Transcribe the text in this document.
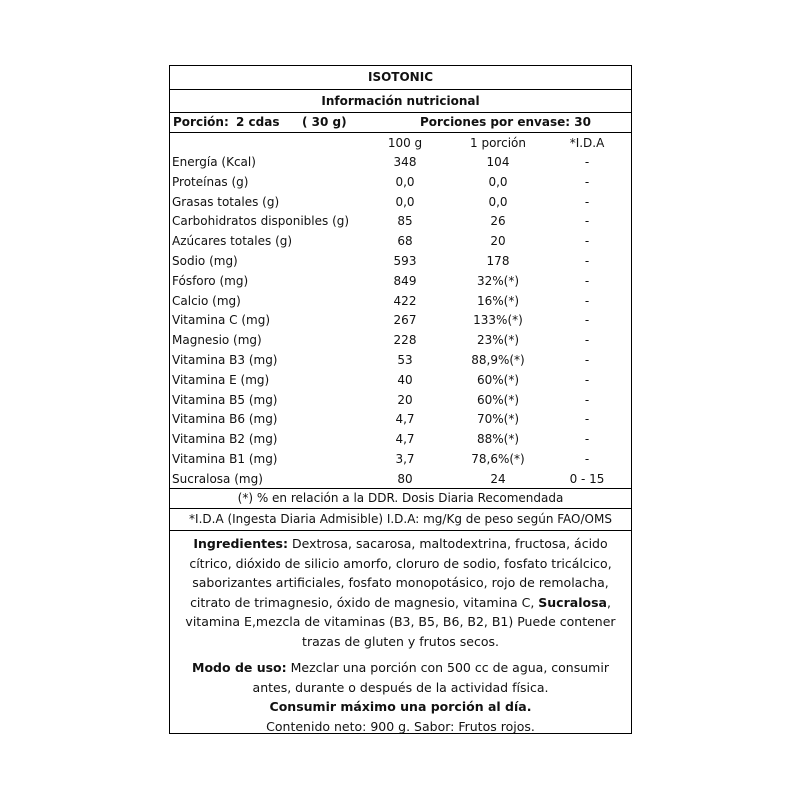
ISOTONIC
Información nutricional
Porción: 2 cdas ( 30 g)	Porciones por envase: 30
100 g	1 porción	*I.D.A
Energía (Kcal)	348	104	-
Proteínas (g)	0,0	0,0	-
Grasas totales (g)	0,0	0,0	-
Carbohidratos disponibles (g)	85	26	-
Azúcares totales (g)	68	20	-
Sodio (mg)	593	178	-
Fósforo (mg)	849	32%(*)	-
Calcio (mg)	422	16%(*)	-
Vitamina C (mg)	267	133%(*)	-
Magnesio (mg)	228	23%(*)	-
Vitamina B3 (mg)	53	88,9%(*)	-
Vitamina E (mg)	40	60%(*)	-
Vitamina B5 (mg)	20	60%(*)	-
Vitamina B6 (mg)	4,7	70%(*)	-
Vitamina B2 (mg)	4,7	88%(*)	-
Vitamina B1 (mg)	3,7	78,6%(*)	-
Sucralosa (mg)	80	24	0 - 15
(*) % en relación a la DDR. Dosis Diaria Recomendada
*I.D.A (Ingesta Diaria Admisible) I.D.A: mg/Kg de peso según FAO/OMS
Ingredientes: Dextrosa, sacarosa, maltodextrina, fructosa, ácido cítrico, dióxido de silicio amorfo, cloruro de sodio, fosfato tricálcico, saborizantes artificiales, fosfato monopotásico, rojo de remolacha, citrato de trimagnesio, óxido de magnesio, vitamina C, Sucralosa, vitamina E,mezcla de vitaminas (B3, B5, B6, B2, B1) Puede contener trazas de gluten y frutos secos.
Modo de uso: Mezclar una porción con 500 cc de agua, consumir antes, durante o después de la actividad física.
Consumir máximo una porción al día.
Contenido neto: 900 g. Sabor: Frutos rojos.
